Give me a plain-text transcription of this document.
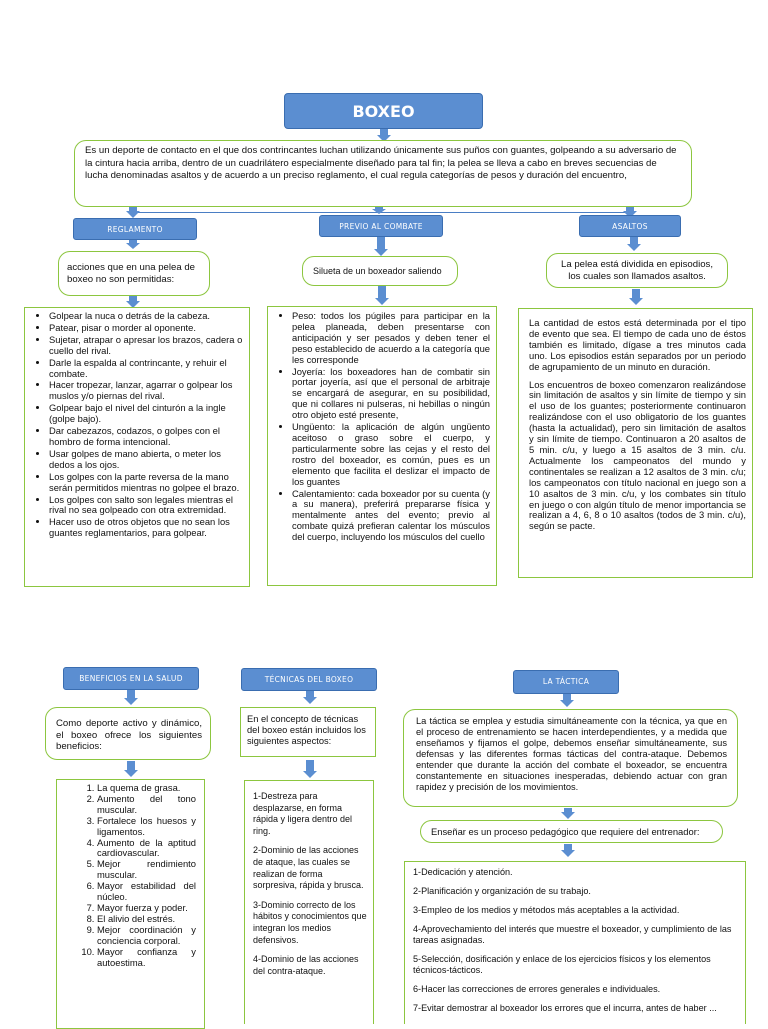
BOXEO
Es un deporte de contacto en el que dos contrincantes luchan utilizando únicamente sus puños con guantes, golpeando a su adversario de la cintura hacia arriba, dentro de un cuadrilátero especialmente diseñado para tal fin; la pelea se lleva a cabo en breves secuencias de lucha denominadas asaltos y de acuerdo a un preciso reglamento, el cual regula categorías de pesos y duración del encuentro,
REGLAMENTO
acciones que en una pelea de boxeo no son permitidas:
• Golpear la nuca o detrás de la cabeza.
• Patear, pisar o morder al oponente.
• Sujetar, atrapar o apresar los brazos, cadera o cuello del rival.
• Darle la espalda al contrincante, y rehuir el combate.
• Hacer tropezar, lanzar, agarrar o golpear los muslos y/o piernas del rival.
• Golpear bajo el nivel del cinturón a la ingle (golpe bajo).
• Dar cabezazos, codazos, o golpes con el hombro de forma intencional.
• Usar golpes de mano abierta, o meter los dedos a los ojos.
• Los golpes con la parte reversa de la mano serán permitidos mientras no golpee el brazo.
• Los golpes con salto son legales mientras el rival no sea golpeado con otra extremidad.
• Hacer uso de otros objetos que no sean los guantes reglamentarios, para golpear.
PREVIO AL COMBATE
Silueta de un boxeador saliendo
• Peso: todos los púgiles para participar en la pelea planeada, deben presentarse con anticipación y ser pesados y deben tener el peso establecido de acuerdo a la categoría que les corresponde
• Joyería: los boxeadores han de combatir sin portar joyería, así que el personal de arbitraje se encargará de asegurar, en su posibilidad, que ni collares ni pulseras, ni hebillas o ningún otro objeto esté presente,
• Ungüento: la aplicación de algún ungüento aceitoso o graso sobre el cuerpo, y particularmente sobre las cejas y el resto del rostro del boxeador, es común, pues es un elemento que facilita el deslizar el impacto de los guantes
• Calentamiento: cada boxeador por su cuenta (y a su manera), preferirá prepararse física y mentalmente antes del evento; previo al combate quizá prefieran calentar los músculos del cuerpo, incluyendo los músculos del cuello
ASALTOS
La pelea está dividida en episodios, los cuales son llamados asaltos.

La cantidad de estos está determinada por el tipo de evento que sea. El tiempo de cada uno de éstos también es limitado, dígase a tres minutos cada uno. Los episodios están separados por un periodo de agrupamiento de un minuto en duración.

Los encuentros de boxeo comenzaron realizándose sin limitación de asaltos y sin límite de tiempo y sin el uso de los guantes; posteriormente continuaron realizándose con el uso obligatorio de los guantes (hasta la actualidad), pero sin limitación de asaltos y sin límite de tiempo. Continuaron a 20 asaltos de 5 min. c/u, y luego a 15 asaltos de 3 min. c/u. Actualmente los campeonatos del mundo y continentales se realizan a 12 asaltos de 3 min. c/u; los campeonatos con título nacional en juego son a 10 asaltos de 3 min. c/u, y los combates sin título en juego o con algún título de menor importancia se realizan a 4, 6, 8 o 10 asaltos (todos de 3 min. c/u), según se pacte.

BENEFICIOS EN LA SALUD
Como deporte activo y dinámico, el boxeo ofrece los siguientes beneficios:
1. La quema de grasa.
2. Aumento del tono muscular.
3. Fortalece los huesos y ligamentos.
4. Aumento de la aptitud cardiovascular.
5. Mejor rendimiento muscular.
6. Mayor estabilidad del núcleo.
7. Mayor fuerza y poder.
8. El alivio del estrés.
9. Mejor coordinación y conciencia corporal.
10. Mayor confianza y autoestima.
TÉCNICAS DEL BOXEO
En el concepto de técnicas del boxeo están incluidos los siguientes aspectos:

1-Destreza para desplazarse, en forma rápida y ligera dentro del ring.

2-Dominio de las acciones de ataque, las cuales se realizan de forma sorpresiva, rápida y brusca.

3-Dominio correcto de los hábitos y conocimientos que integran los medios defensivos.

4-Dominio de las acciones del contra-ataque.

LA TÁCTICA
La táctica se emplea y estudia simultáneamente con la técnica, ya que en el proceso de entrenamiento se hacen interdependientes, y a medida que enseñamos y fijamos el golpe, debemos enseñar simultáneamente, sus defensas y las diferentes formas tácticas del contra-ataque. Debemos entender que durante la acción del combate el boxeador, se encuentra constantemente en situaciones inesperadas, debiendo actuar con gran rapidez y precisión de los movimientos.
Enseñar es un proceso pedagógico que requiere del entrenador:

1-Dedicación y atención.

2-Planificación y organización de su trabajo.

3-Empleo de los medios y métodos más aceptables a la actividad.

4-Aprovechamiento del interés que muestre el boxeador, y cumplimiento de las tareas asignadas.

5-Selección, dosificación y enlace de los ejercicios físicos y los elementos técnicos-tácticos.

6-Hacer las correcciones de errores generales e individuales.

7-Evitar demostrar al boxeador los errores que el incurra, antes de haber ...
